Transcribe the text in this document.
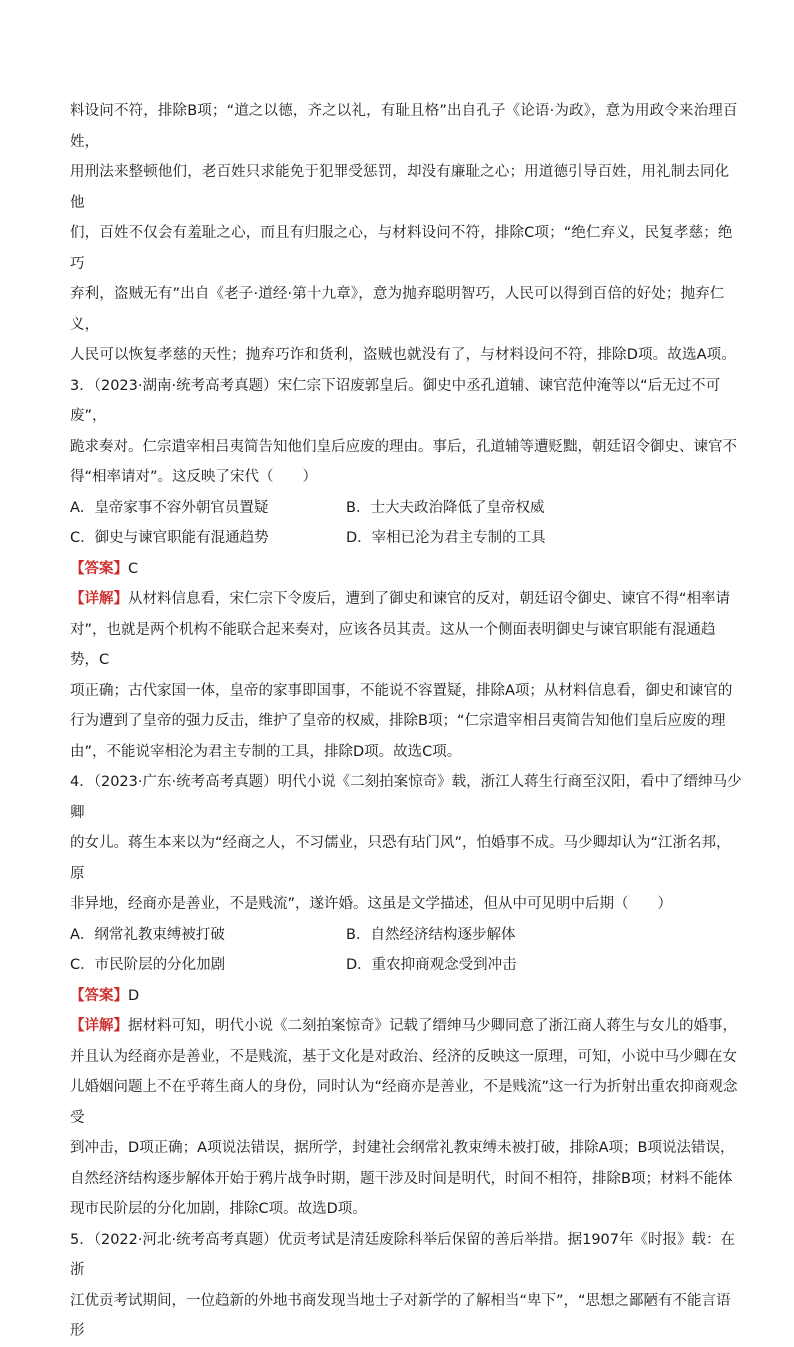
料设问不符，排除B项；“道之以德，齐之以礼，有耻且格”出自孔子《论语·为政》，意为用政令来治理百姓，

用刑法来整顿他们，老百姓只求能免于犯罪受惩罚，却没有廉耻之心；用道德引导百姓，用礼制去同化他

们，百姓不仅会有羞耻之心，而且有归服之心，与材料设问不符，排除C项；“绝仁弃义，民复孝慈；绝巧

弃利，盗贼无有”出自《老子·道经·第十九章》，意为抛弃聪明智巧，人民可以得到百倍的好处；抛弃仁义，

人民可以恢复孝慈的天性；抛弃巧诈和货利，盗贼也就没有了，与材料设问不符，排除D项。故选A项。

3．（2023·湖南·统考高考真题）宋仁宗下诏废郭皇后。御史中丞孔道辅、谏官范仲淹等以“后无过不可废”，

跪求奏对。仁宗遣宰相吕夷简告知他们皇后应废的理由。事后，孔道辅等遭贬黜，朝廷诏令御史、谏官不

得“相率请对”。这反映了宋代（　　）

A．皇帝家事不容外朝官员置疑	B．士大夫政治降低了皇帝权威
C．御史与谏官职能有混通趋势	D．宰相已沦为君主专制的工具

【答案】C

【详解】从材料信息看，宋仁宗下令废后，遭到了御史和谏官的反对，朝廷诏令御史、谏官不得“相率请

对”，也就是两个机构不能联合起来奏对，应该各员其责。这从一个侧面表明御史与谏官职能有混通趋势，C

项正确；古代家国一体，皇帝的家事即国事，不能说不容置疑，排除A项；从材料信息看，御史和谏官的

行为遭到了皇帝的强力反击，维护了皇帝的权威，排除B项；“仁宗遣宰相吕夷简告知他们皇后应废的理

由”，不能说宰相沦为君主专制的工具，排除D项。故选C项。

4．（2023·广东·统考高考真题）明代小说《二刻拍案惊奇》载，浙江人蒋生行商至汉阳，看中了缙绅马少卿

的女儿。蒋生本来以为“经商之人，不习儒业，只恐有玷门风”，怕婚事不成。马少卿却认为“江浙名邦，原

非异地，经商亦是善业，不是贱流”，遂许婚。这虽是文学描述，但从中可见明中后期（　　）

A．纲常礼教束缚被打破	B．自然经济结构逐步解体
C．市民阶层的分化加剧	D．重农抑商观念受到冲击

【答案】D

【详解】据材料可知，明代小说《二刻拍案惊奇》记载了缙绅马少卿同意了浙江商人蒋生与女儿的婚事，

并且认为经商亦是善业，不是贱流，基于文化是对政治、经济的反映这一原理，可知，小说中马少卿在女

儿婚姻问题上不在乎蒋生商人的身份，同时认为“经商亦是善业，不是贱流”这一行为折射出重农抑商观念受

到冲击，D项正确；A项说法错误，据所学，封建社会纲常礼教束缚未被打破，排除A项；B项说法错误，

自然经济结构逐步解体开始于鸦片战争时期，题干涉及时间是明代，时间不相符，排除B项；材料不能体

现市民阶层的分化加剧，排除C项。故选D项。

5．（2022·河北·统考高考真题）优贡考试是清廷废除科举后保留的善后举措。据1907年《时报》载：在浙

江优贡考试期间，一位趋新的外地书商发现当地士子对新学的了解相当“卑下”，“思想之鄙陋有不能言语形
